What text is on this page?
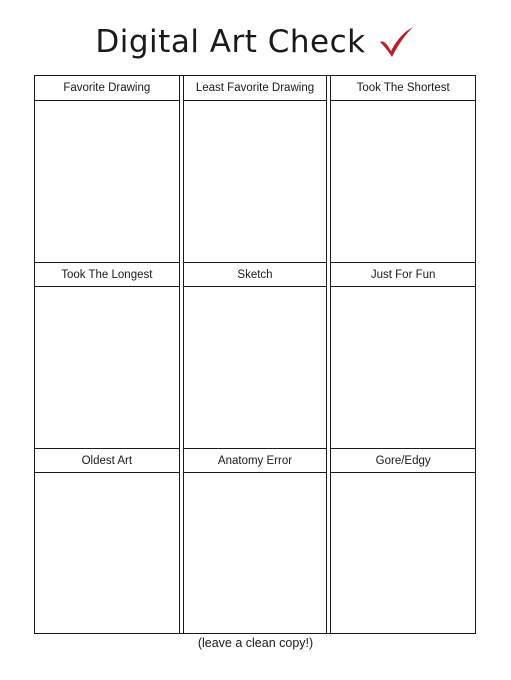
Digital Art Check
Favorite Drawing	Least Favorite Drawing	Took The Shortest
Took The Longest	Sketch	Just For Fun
Oldest Art	Anatomy Error	Gore/Edgy
(leave a clean copy!)
